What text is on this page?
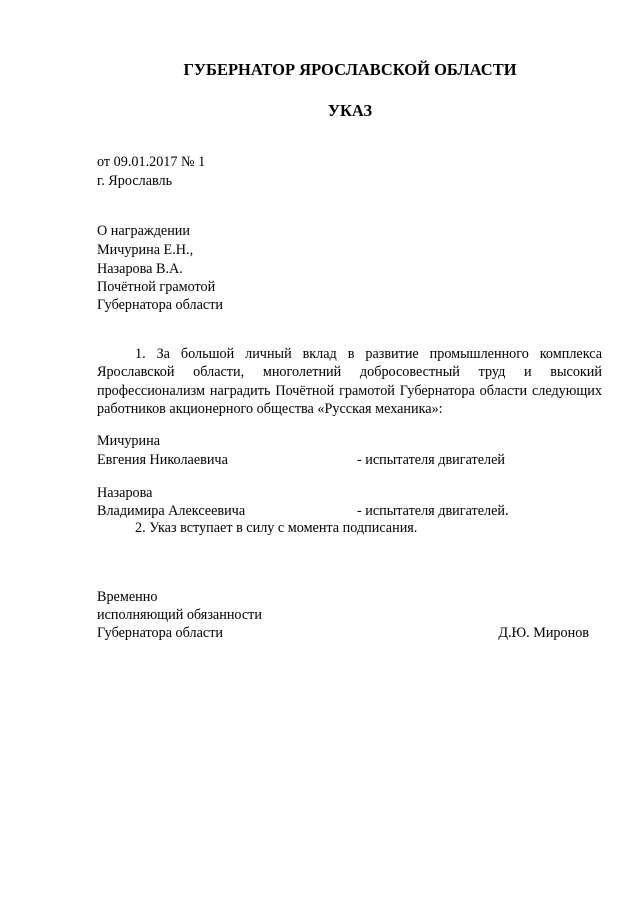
ГУБЕРНАТОР ЯРОСЛАВСКОЙ ОБЛАСТИ
УКАЗ
от 09.01.2017 № 1
г. Ярославль
О награждении
Мичурина Е.Н.,
Назарова В.А.
Почётной грамотой
Губернатора области
1. За большой личный вклад в развитие промышленного комплекса Ярославской области, многолетний добросовестный труд и высокий профессионализм наградить Почётной грамотой Губернатора области следующих работников акционерного общества «Русская механика»:
Мичурина
Евгения Николаевича	- испытателя двигателей
Назарова
Владимира Алексеевича	- испытателя двигателей.
2. Указ вступает в силу с момента подписания.
Временно
исполняющий обязанности
Губернатора области	Д.Ю. Миронов
